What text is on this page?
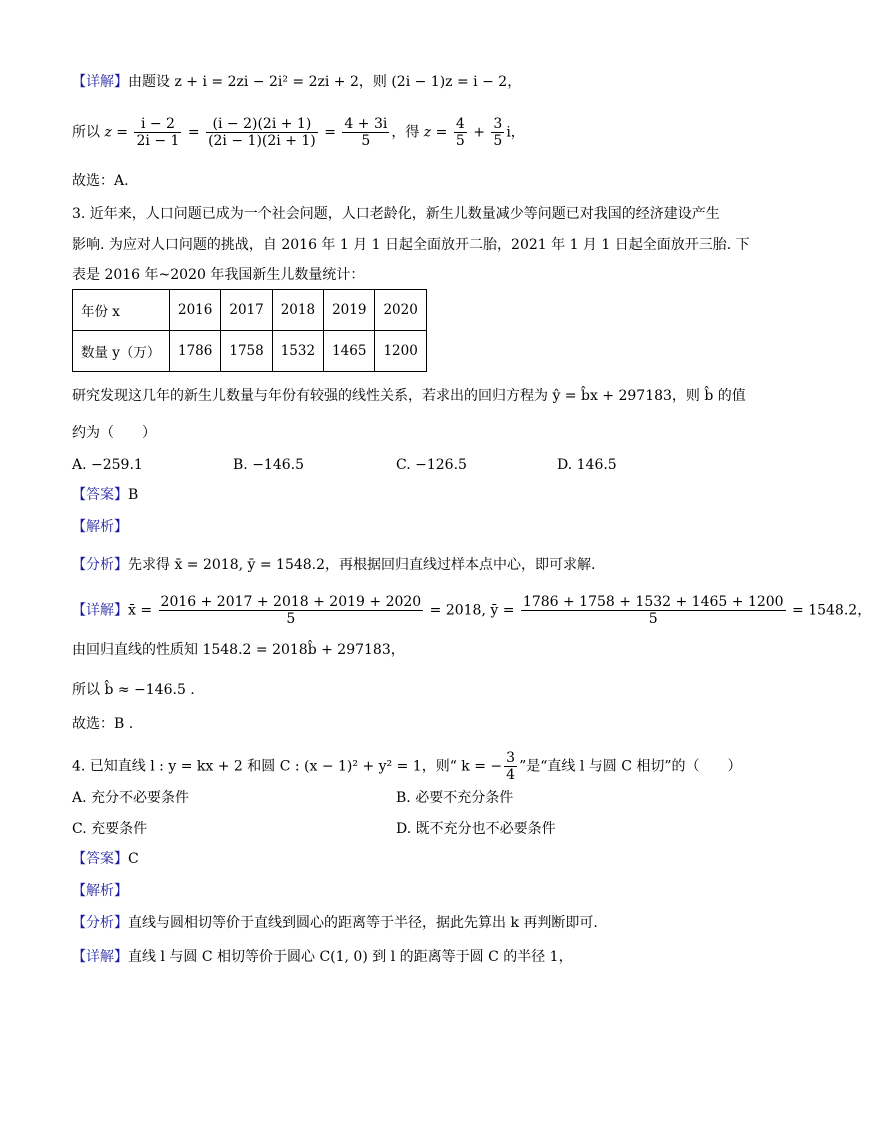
【详解】由题设 z + i = 2zi − 2i² = 2zi + 2，则 (2i − 1)z = i − 2，
所以 $z = \frac{i - 2}{2i - 1} = \frac{(i - 2)(2i + 1)}{(2i - 1)(2i + 1)} = \frac{4 + 3i}{5}$ ，得 $z = \frac{4}{5} + \frac{3}{5}$ i，
故选：A.
3. 近年来，人口问题已成为一个社会问题，人口老龄化，新生儿数量减少等问题已对我国的经济建设产生
影响. 为应对人口问题的挑战，自 2016 年 1 月 1 日起全面放开二胎，2021 年 1 月 1 日起全面放开三胎. 下
表是 2016 年~2020 年我国新生儿数量统计：
年份 x	2016	2017	2018	2019	2020
数量 y（万）	1786	1758	1532	1465	1200
研究发现这几年的新生儿数量与年份有较强的线性关系，若求出的回归方程为 ŷ = b̂x + 297183，则 b̂ 的值
约为（　　）
A. −259.1	B. −146.5	C. −126.5	D. 146.5
【答案】B
【解析】
【分析】先求得 x̄ = 2018, ȳ = 1548.2，再根据回归直线过样本点中心，即可求解.
【详解】x̄ = $\frac{2016 + 2017 + 2018 + 2019 + 2020}{5} = 2018$, ȳ = $\frac{1786 + 1758 + 1532 + 1465 + 1200}{5} = 1548.2$，
由回归直线的性质知 1548.2 = 2018b̂ + 297183，
所以 b̂ ≈ −146.5 .
故选：B .
4. 已知直线 l : y = kx + 2 和圆 C : (x − 1)² + y² = 1，则“ k = − $\frac{3}{4}$ ”是“直线 l 与圆 C 相切”的（　　）
A. 充分不必要条件	B. 必要不充分条件
C. 充要条件	D. 既不充分也不必要条件
【答案】C
【解析】
【分析】直线与圆相切等价于直线到圆心的距离等于半径，据此先算出 k 再判断即可.
【详解】直线 l 与圆 C 相切等价于圆心 C(1, 0) 到 l 的距离等于圆 C 的半径 1，
